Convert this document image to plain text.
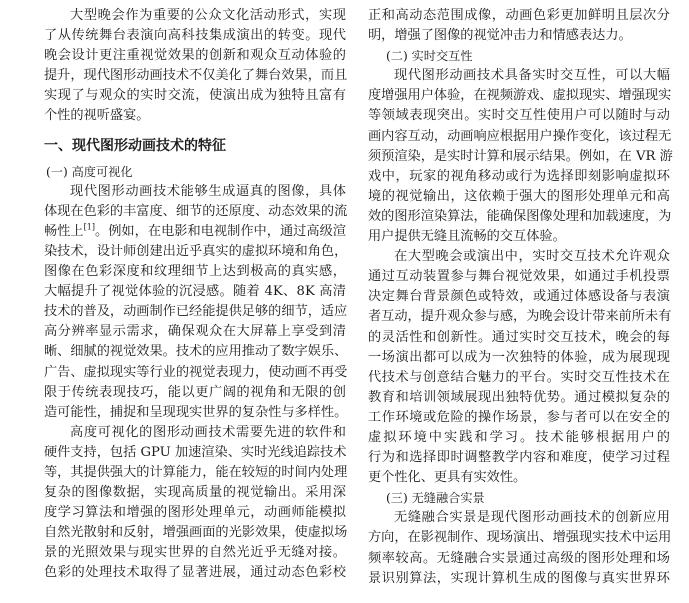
大型晚会作为重要的公众文化活动形式，实现
了从传统舞台表演向高科技集成演出的转变。现代
晚会设计更注重视觉效果的创新和观众互动体验的
提升，现代图形动画技术不仅美化了舞台效果，而且
实现了与观众的实时交流，使演出成为独特且富有
个性的视听盛宴。
一、现代图形动画技术的特征
(一) 高度可视化
现代图形动画技术能够生成逼真的图像，具体
体现在色彩的丰富度、细节的还原度、动态效果的流
畅性上[1]。例如，在电影和电视制作中，通过高级渲
染技术，设计师创建出近乎真实的虚拟环境和角色，
图像在色彩深度和纹理细节上达到极高的真实感，
大幅提升了视觉体验的沉浸感。随着 4K、8K 高清
技术的普及，动画制作已经能提供足够的细节，适应
高分辨率显示需求，确保观众在大屏幕上享受到清
晰、细腻的视觉效果。技术的应用推动了数字娱乐、
广告、虚拟现实等行业的视觉表现力，使动画不再受
限于传统表现技巧，能以更广阔的视角和无限的创
造可能性，捕捉和呈现现实世界的复杂性与多样性。
高度可视化的图形动画技术需要先进的软件和
硬件支持，包括 GPU 加速渲染、实时光线追踪技术
等，其提供强大的计算能力，能在较短的时间内处理
复杂的图像数据，实现高质量的视觉输出。采用深
度学习算法和增强的图形处理单元，动画师能模拟
自然光散射和反射，增强画面的光影效果，使虚拟场
景的光照效果与现实世界的自然光近乎无缝对接。
色彩的处理技术取得了显著进展，通过动态色彩校
正和高动态范围成像，动画色彩更加鲜明且层次分
明，增强了图像的视觉冲击力和情感表达力。
(二) 实时交互性
现代图形动画技术具备实时交互性，可以大幅
度增强用户体验，在视频游戏、虚拟现实、增强现实
等领域表现突出。实时交互性使用户可以随时与动
画内容互动，动画响应根据用户操作变化，该过程无
须预渲染，是实时计算和展示结果。例如，在 VR 游
戏中，玩家的视角移动或行为选择即刻影响虚拟环
境的视觉输出，这依赖于强大的图形处理单元和高
效的图形渲染算法，能确保图像处理和加载速度，为
用户提供无缝且流畅的交互体验。
在大型晚会或演出中，实时交互技术允许观众
通过互动装置参与舞台视觉效果，如通过手机投票
决定舞台背景颜色或特效，或通过体感设备与表演
者互动，提升观众参与感，为晚会设计带来前所未有
的灵活性和创新性。通过实时交互技术，晚会的每
一场演出都可以成为一次独特的体验，成为展现现
代技术与创意结合魅力的平台。实时交互性技术在
教育和培训领域展现出独特优势。通过模拟复杂的
工作环境或危险的操作场景，参与者可以在安全的
虚拟环境中实践和学习。技术能够根据用户的
行为和选择即时调整教学内容和难度，使学习过程
更个性化、更具有实效性。
(三) 无缝融合实景
无缝融合实景是现代图形动画技术的创新应用
方向，在影视制作、现场演出、增强现实技术中运用
频率较高。无缝融合实景通过高级的图形处理和场
景识别算法，实现计算机生成的图像与真实世界环
